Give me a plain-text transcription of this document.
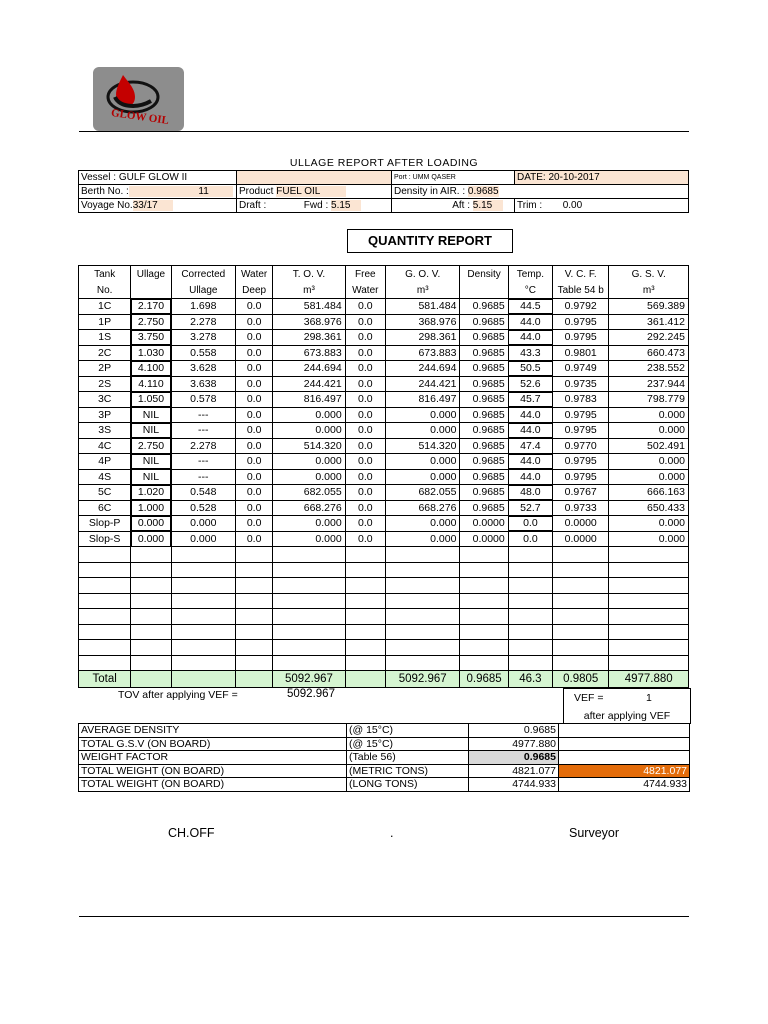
GLOW OIL
ULLAGE REPORT AFTER LOADING
Vessel : GULF GLOW II		Port : UMM QASER	DATE: 20-10-2017
Berth No. : 11	Product FUEL OIL	Density in AIR. : 0.9685	
Voyage No.33/17	Draft : Fwd : 5.15	Aft : 5.15	Trim : 0.00
QUANTITY REPORT
Tank	Ullage	Corrected	Water	T. O. V.	Free	G. O. V.	Density	Temp.	V. C. F.	G. S. V.
No.		Ullage	Deep	m³	Water	m³		°C	Table 54 b	m³
1C	2.170	1.698	0.0	581.484	0.0	581.484	0.9685	44.5	0.9792	569.389
1P	2.750	2.278	0.0	368.976	0.0	368.976	0.9685	44.0	0.9795	361.412
1S	3.750	3.278	0.0	298.361	0.0	298.361	0.9685	44.0	0.9795	292.245
2C	1.030	0.558	0.0	673.883	0.0	673.883	0.9685	43.3	0.9801	660.473
2P	4.100	3.628	0.0	244.694	0.0	244.694	0.9685	50.5	0.9749	238.552
2S	4.110	3.638	0.0	244.421	0.0	244.421	0.9685	52.6	0.9735	237.944
3C	1.050	0.578	0.0	816.497	0.0	816.497	0.9685	45.7	0.9783	798.779
3P	NIL	---	0.0	0.000	0.0	0.000	0.9685	44.0	0.9795	0.000
3S	NIL	---	0.0	0.000	0.0	0.000	0.9685	44.0	0.9795	0.000
4C	2.750	2.278	0.0	514.320	0.0	514.320	0.9685	47.4	0.9770	502.491
4P	NIL	---	0.0	0.000	0.0	0.000	0.9685	44.0	0.9795	0.000
4S	NIL	---	0.0	0.000	0.0	0.000	0.9685	44.0	0.9795	0.000
5C	1.020	0.548	0.0	682.055	0.0	682.055	0.9685	48.0	0.9767	666.163
6C	1.000	0.528	0.0	668.276	0.0	668.276	0.9685	52.7	0.9733	650.433
Slop-P	0.000	0.000	0.0	0.000	0.0	0.000	0.0000	0.0	0.0000	0.000
Slop-S	0.000	0.000	0.0	0.000	0.0	0.000	0.0000	0.0	0.0000	0.000

Total				5092.967		5092.967	0.9685	46.3	0.9805	4977.880
TOV after applying VEF =	5092.967	VEF =	1
after applying VEF
AVERAGE DENSITY	(@ 15°C)	0.9685	
TOTAL G.S.V (ON BOARD)	(@ 15°C)	4977.880	
WEIGHT FACTOR	(Table 56)	0.9685	
TOTAL WEIGHT (ON BOARD)	(METRIC TONS)	4821.077	4821.077
TOTAL WEIGHT (ON BOARD)	(LONG TONS)	4744.933	4744.933
CH.OFF	.	Surveyor
